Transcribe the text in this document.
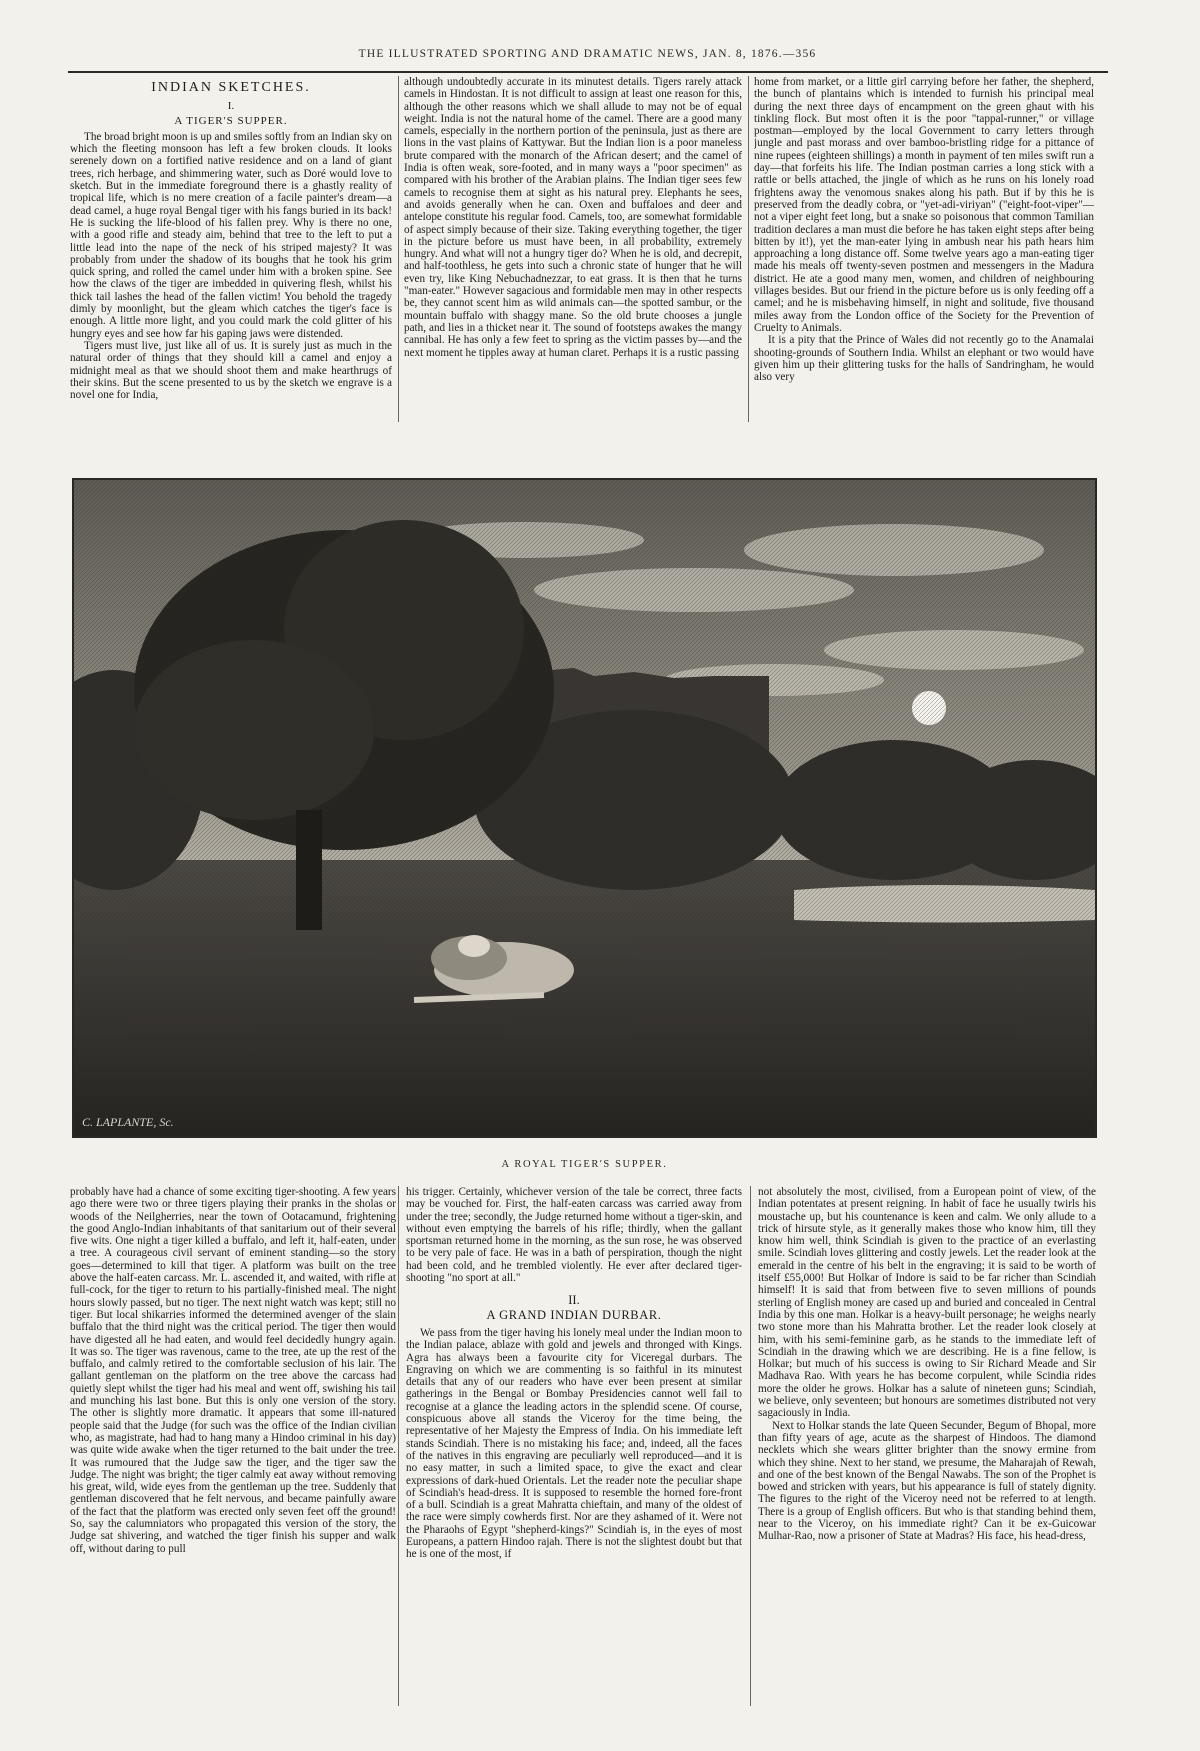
THE ILLUSTRATED SPORTING AND DRAMATIC NEWS, JAN. 8, 1876.—356
INDIAN SKETCHES.
I.
A TIGER'S SUPPER.

The broad bright moon is up and smiles softly from an Indian sky on which the fleeting monsoon has left a few broken clouds. It looks serenely down on a fortified native residence and on a land of giant trees, rich herbage, and shimmering water, such as Doré would love to sketch. But in the immediate foreground there is a ghastly reality of tropical life, which is no mere creation of a facile painter's dream—a dead camel, a huge royal Bengal tiger with his fangs buried in its back! He is sucking the life-blood of his fallen prey. Why is there no one, with a good rifle and steady aim, behind that tree to the left to put a little lead into the nape of the neck of his striped majesty? It was probably from under the shadow of its boughs that he took his grim quick spring, and rolled the camel under him with a broken spine. See how the claws of the tiger are imbedded in quivering flesh, whilst his thick tail lashes the head of the fallen victim! You behold the tragedy dimly by moonlight, but the gleam which catches the tiger's face is enough. A little more light, and you could mark the cold glitter of his hungry eyes and see how far his gaping jaws were distended.

Tigers must live, just like all of us. It is surely just as much in the natural order of things that they should kill a camel and enjoy a midnight meal as that we should shoot them and make hearthrugs of their skins. But the scene presented to us by the sketch we engrave is a novel one for India,

although undoubtedly accurate in its minutest details. Tigers rarely attack camels in Hindostan. It is not difficult to assign at least one reason for this, although the other reasons which we shall allude to may not be of equal weight. India is not the natural home of the camel. There are a good many camels, especially in the northern portion of the peninsula, just as there are lions in the vast plains of Kattywar. But the Indian lion is a poor maneless brute compared with the monarch of the African desert; and the camel of India is often weak, sore-footed, and in many ways a "poor specimen" as compared with his brother of the Arabian plains. The Indian tiger sees few camels to recognise them at sight as his natural prey. Elephants he sees, and avoids generally when he can. Oxen and buffaloes and deer and antelope constitute his regular food. Camels, too, are somewhat formidable of aspect simply because of their size. Taking everything together, the tiger in the picture before us must have been, in all probability, extremely hungry. And what will not a hungry tiger do? When he is old, and decrepit, and half-toothless, he gets into such a chronic state of hunger that he will even try, like King Nebuchadnezzar, to eat grass. It is then that he turns "man-eater." However sagacious and formidable men may in other respects be, they cannot scent him as wild animals can—the spotted sambur, or the mountain buffalo with shaggy mane. So the old brute chooses a jungle path, and lies in a thicket near it. The sound of footsteps awakes the mangy cannibal. He has only a few feet to spring as the victim passes by—and the next moment he tipples away at human claret. Perhaps it is a rustic passing

home from market, or a little girl carrying before her father, the shepherd, the bunch of plantains which is intended to furnish his principal meal during the next three days of encampment on the green ghaut with his tinkling flock. But most often it is the poor "tappal-runner," or village postman—employed by the local Government to carry letters through jungle and past morass and over bamboo-bristling ridge for a pittance of nine rupees (eighteen shillings) a month in payment of ten miles swift run a day—that forfeits his life. The Indian postman carries a long stick with a rattle or bells attached, the jingle of which as he runs on his lonely road frightens away the venomous snakes along his path. But if by this he is preserved from the deadly cobra, or "yet-adi-viriyan" ("eight-foot-viper"—not a viper eight feet long, but a snake so poisonous that common Tamilian tradition declares a man must die before he has taken eight steps after being bitten by it!), yet the man-eater lying in ambush near his path hears him approaching a long distance off. Some twelve years ago a man-eating tiger made his meals off twenty-seven postmen and messengers in the Madura district. He ate a good many men, women, and children of neighbouring villages besides. But our friend in the picture before us is only feeding off a camel; and he is misbehaving himself, in night and solitude, five thousand miles away from the London office of the Society for the Prevention of Cruelty to Animals.

It is a pity that the Prince of Wales did not recently go to the Anamalai shooting-grounds of Southern India. Whilst an elephant or two would have given him up their glittering tusks for the halls of Sandringham, he would also very

C. LAPLANTE, Sc.
A ROYAL TIGER'S SUPPER.

probably have had a chance of some exciting tiger-shooting. A few years ago there were two or three tigers playing their pranks in the sholas or woods of the Neilgherries, near the town of Ootacamund, frightening the good Anglo-Indian inhabitants of that sanitarium out of their several five wits. One night a tiger killed a buffalo, and left it, half-eaten, under a tree. A courageous civil servant of eminent standing—so the story goes—determined to kill that tiger. A platform was built on the tree above the half-eaten carcass. Mr. L. ascended it, and waited, with rifle at full-cock, for the tiger to return to his partially-finished meal. The night hours slowly passed, but no tiger. The next night watch was kept; still no tiger. But local shikarries informed the determined avenger of the slain buffalo that the third night was the critical period. The tiger then would have digested all he had eaten, and would feel decidedly hungry again. It was so. The tiger was ravenous, came to the tree, ate up the rest of the buffalo, and calmly retired to the comfortable seclusion of his lair. The gallant gentleman on the platform on the tree above the carcass had quietly slept whilst the tiger had his meal and went off, swishing his tail and munching his last bone. But this is only one version of the story. The other is slightly more dramatic. It appears that some ill-natured people said that the Judge (for such was the office of the Indian civilian who, as magistrate, had had to hang many a Hindoo criminal in his day) was quite wide awake when the tiger returned to the bait under the tree. It was rumoured that the Judge saw the tiger, and the tiger saw the Judge. The night was bright; the tiger calmly eat away without removing his great, wild, wide eyes from the gentleman up the tree. Suddenly that gentleman discovered that he felt nervous, and became painfully aware of the fact that the platform was erected only seven feet off the ground! So, say the calumniators who propagated this version of the story, the Judge sat shivering, and watched the tiger finish his supper and walk off, without daring to pull

his trigger. Certainly, whichever version of the tale be correct, three facts may be vouched for. First, the half-eaten carcass was carried away from under the tree; secondly, the Judge returned home without a tiger-skin, and without even emptying the barrels of his rifle; thirdly, when the gallant sportsman returned home in the morning, as the sun rose, he was observed to be very pale of face. He was in a bath of perspiration, though the night had been cold, and he trembled violently. He ever after declared tiger-shooting "no sport at all."

II.
A GRAND INDIAN DURBAR.

We pass from the tiger having his lonely meal under the Indian moon to the Indian palace, ablaze with gold and jewels and thronged with Kings. Agra has always been a favourite city for Viceregal durbars. The Engraving on which we are commenting is so faithful in its minutest details that any of our readers who have ever been present at similar gatherings in the Bengal or Bombay Presidencies cannot well fail to recognise at a glance the leading actors in the splendid scene. Of course, conspicuous above all stands the Viceroy for the time being, the representative of her Majesty the Empress of India. On his immediate left stands Scindiah. There is no mistaking his face; and, indeed, all the faces of the natives in this engraving are peculiarly well reproduced—and it is no easy matter, in such a limited space, to give the exact and clear expressions of dark-hued Orientals. Let the reader note the peculiar shape of Scindiah's head-dress. It is supposed to resemble the horned fore-front of a bull. Scindiah is a great Mahratta chieftain, and many of the oldest of the race were simply cowherds first. Nor are they ashamed of it. Were not the Pharaohs of Egypt "shepherd-kings?" Scindiah is, in the eyes of most Europeans, a pattern Hindoo rajah. There is not the slightest doubt but that he is one of the most, if

not absolutely the most, civilised, from a European point of view, of the Indian potentates at present reigning. In habit of face he usually twirls his moustache up, but his countenance is keen and calm. We only allude to a trick of hirsute style, as it generally makes those who know him, till they know him well, think Scindiah is given to the practice of an everlasting smile. Scindiah loves glittering and costly jewels. Let the reader look at the emerald in the centre of his belt in the engraving; it is said to be worth of itself £55,000! But Holkar of Indore is said to be far richer than Scindiah himself! It is said that from between five to seven millions of pounds sterling of English money are cased up and buried and concealed in Central India by this one man. Holkar is a heavy-built personage; he weighs nearly two stone more than his Mahratta brother. Let the reader look closely at him, with his semi-feminine garb, as he stands to the immediate left of Scindiah in the drawing which we are describing. He is a fine fellow, is Holkar; but much of his success is owing to Sir Richard Meade and Sir Madhava Rao. With years he has become corpulent, while Scindia rides more the older he grows. Holkar has a salute of nineteen guns; Scindiah, we believe, only seventeen; but honours are sometimes distributed not very sagaciously in India.

Next to Holkar stands the late Queen Secunder, Begum of Bhopal, more than fifty years of age, acute as the sharpest of Hindoos. The diamond necklets which she wears glitter brighter than the snowy ermine from which they shine. Next to her stand, we presume, the Maharajah of Rewah, and one of the best known of the Bengal Nawabs. The son of the Prophet is bowed and stricken with years, but his appearance is full of stately dignity. The figures to the right of the Viceroy need not be referred to at length. There is a group of English officers. But who is that standing behind them, near to the Viceroy, on his immediate right? Can it be ex-Guicowar Mulhar-Rao, now a prisoner of State at Madras? His face, his head-dress,
